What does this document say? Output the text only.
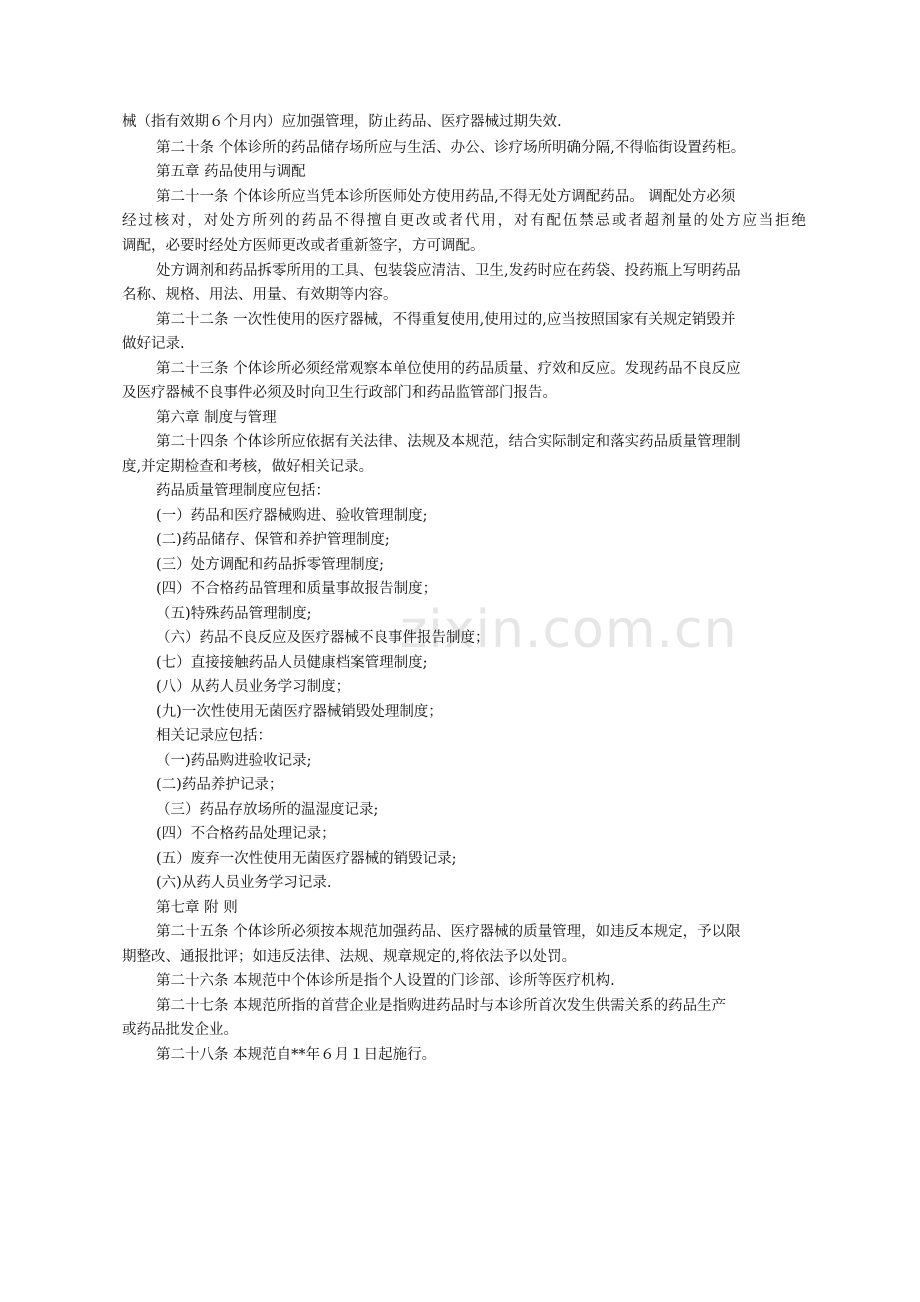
zixin.com.cn
械（指有效期６个月内）应加强管理，防止药品、医疗器械过期失效.
第二十条 个体诊所的药品储存场所应与生活、办公、诊疗场所明确分隔,不得临街设置药柜。
第五章 药品使用与调配
第二十一条 个体诊所应当凭本诊所医师处方使用药品,不得无处方调配药品。 调配处方必须
经过核对，对处方所列的药品不得擅自更改或者代用，对有配伍禁忌或者超剂量的处方应当拒绝
调配，必要时经处方医师更改或者重新签字，方可调配。
处方调剂和药品拆零所用的工具、包装袋应清洁、卫生,发药时应在药袋、投药瓶上写明药品
名称、规格、用法、用量、有效期等内容。
第二十二条 一次性使用的医疗器械，不得重复使用,使用过的,应当按照国家有关规定销毁并
做好记录.
第二十三条 个体诊所必须经常观察本单位使用的药品质量、疗效和反应。发现药品不良反应
及医疗器械不良事件必须及时向卫生行政部门和药品监管部门报告。
第六章 制度与管理
第二十四条 个体诊所应依据有关法律、法规及本规范，结合实际制定和落实药品质量管理制
度,并定期检查和考核，做好相关记录。
药品质量管理制度应包括：
(一）药品和医疗器械购进、验收管理制度;
(二)药品储存、保管和养护管理制度;
(三）处方调配和药品拆零管理制度;
(四）不合格药品管理和质量事故报告制度；
（五)特殊药品管理制度;
（六）药品不良反应及医疗器械不良事件报告制度；
(七）直接接触药品人员健康档案管理制度;
(八）从药人员业务学习制度；
(九)一次性使用无菌医疗器械销毁处理制度；
相关记录应包括：
（一)药品购进验收记录;
(二)药品养护记录；
（三）药品存放场所的温湿度记录;
(四）不合格药品处理记录；
(五）废弃一次性使用无菌医疗器械的销毁记录;
(六)从药人员业务学习记录.
第七章 附 则
第二十五条 个体诊所必须按本规范加强药品、医疗器械的质量管理，如违反本规定，予以限
期整改、通报批评；如违反法律、法规、规章规定的,将依法予以处罚。
第二十六条 本规范中个体诊所是指个人设置的门诊部、诊所等医疗机构.
第二十七条 本规范所指的首营企业是指购进药品时与本诊所首次发生供需关系的药品生产
或药品批发企业。
第二十八条 本规范自**年６月１日起施行。
